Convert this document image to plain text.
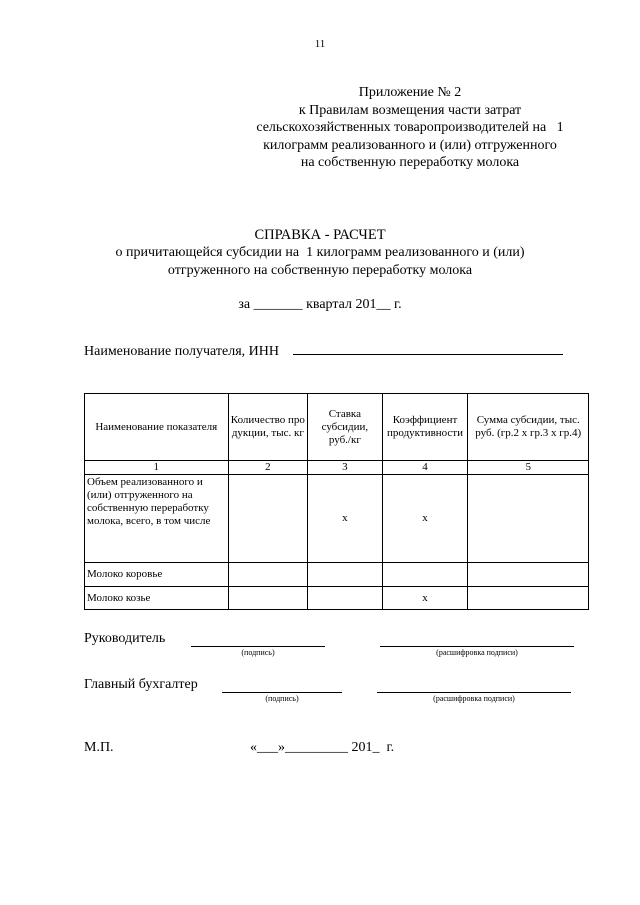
11
Приложение № 2
к Правилам возмещения части затрат
сельскохозяйственных товаропроизводителей на   1
килограмм реализованного и (или) отгруженного
на собственную переработку молока
СПРАВКА - РАСЧЕТ
о причитающейся субсидии на  1 килограмм реализованного и (или)
отгруженного на собственную переработку молока
за _______ квартал 201__ г.
Наименование получателя, ИНН
Наименование показателя	Количество продукции, тыс. кг	Ставка субсидии, руб./кг	Коэффициент продуктивности	Сумма субсидии, тыс. руб. (гр.2 х гр.3 х гр.4)
1	2	3	4	5
Объем реализованного и (или) отгруженного на собственную переработку молока, всего, в том числе		х	х	
Молоко коровье				
Молоко козье			х	
Руководитель
(подпись)	(расшифровка подписи)
Главный бухгалтер
(подпись)	(расшифровка подписи)
М.П.	«___»_________ 201_  г.
